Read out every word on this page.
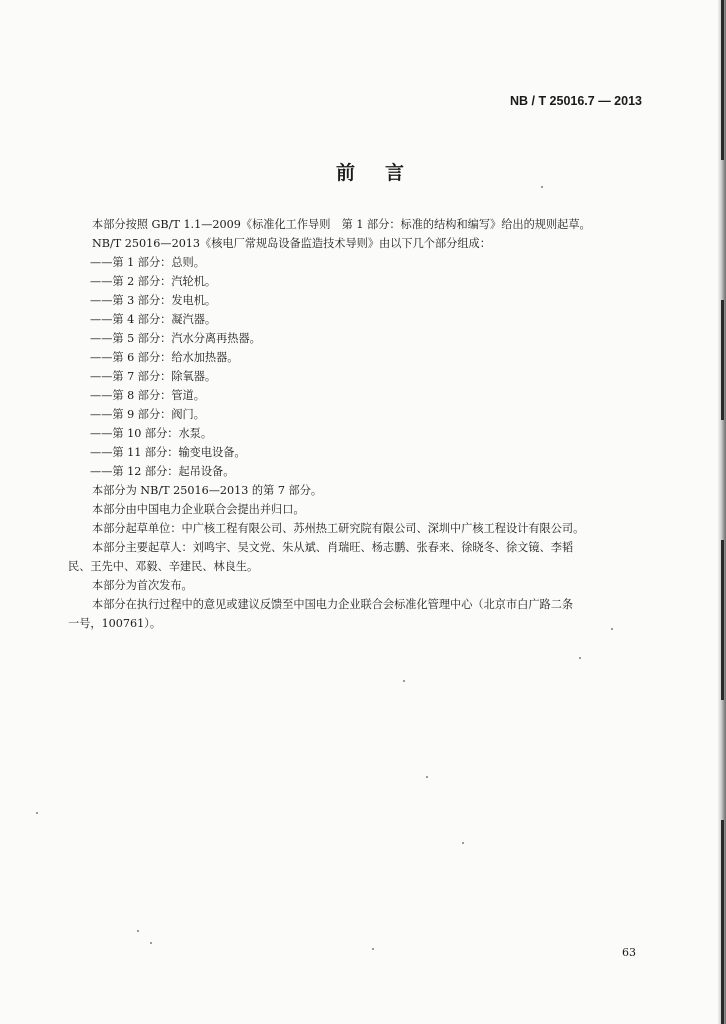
NB / T 25016.7 — 2013
前言
本部分按照 GB/T 1.1—2009《标准化工作导则　第 1 部分：标准的结构和编写》给出的规则起草。
NB/T 25016—2013《核电厂常规岛设备监造技术导则》由以下几个部分组成：
——第 1 部分：总则。
——第 2 部分：汽轮机。
——第 3 部分：发电机。
——第 4 部分：凝汽器。
——第 5 部分：汽水分离再热器。
——第 6 部分：给水加热器。
——第 7 部分：除氧器。
——第 8 部分：管道。
——第 9 部分：阀门。
——第 10 部分：水泵。
——第 11 部分：输变电设备。
——第 12 部分：起吊设备。
本部分为 NB/T 25016—2013 的第 7 部分。
本部分由中国电力企业联合会提出并归口。
本部分起草单位：中广核工程有限公司、苏州热工研究院有限公司、深圳中广核工程设计有限公司。
本部分主要起草人：刘鸣宇、吴文党、朱从斌、肖瑞旺、杨志鹏、张春来、徐晓冬、徐文镜、李韬
民、王先中、邓毅、辛建民、林良生。
本部分为首次发布。
本部分在执行过程中的意见或建议反馈至中国电力企业联合会标准化管理中心（北京市白广路二条
一号，100761）。
63
